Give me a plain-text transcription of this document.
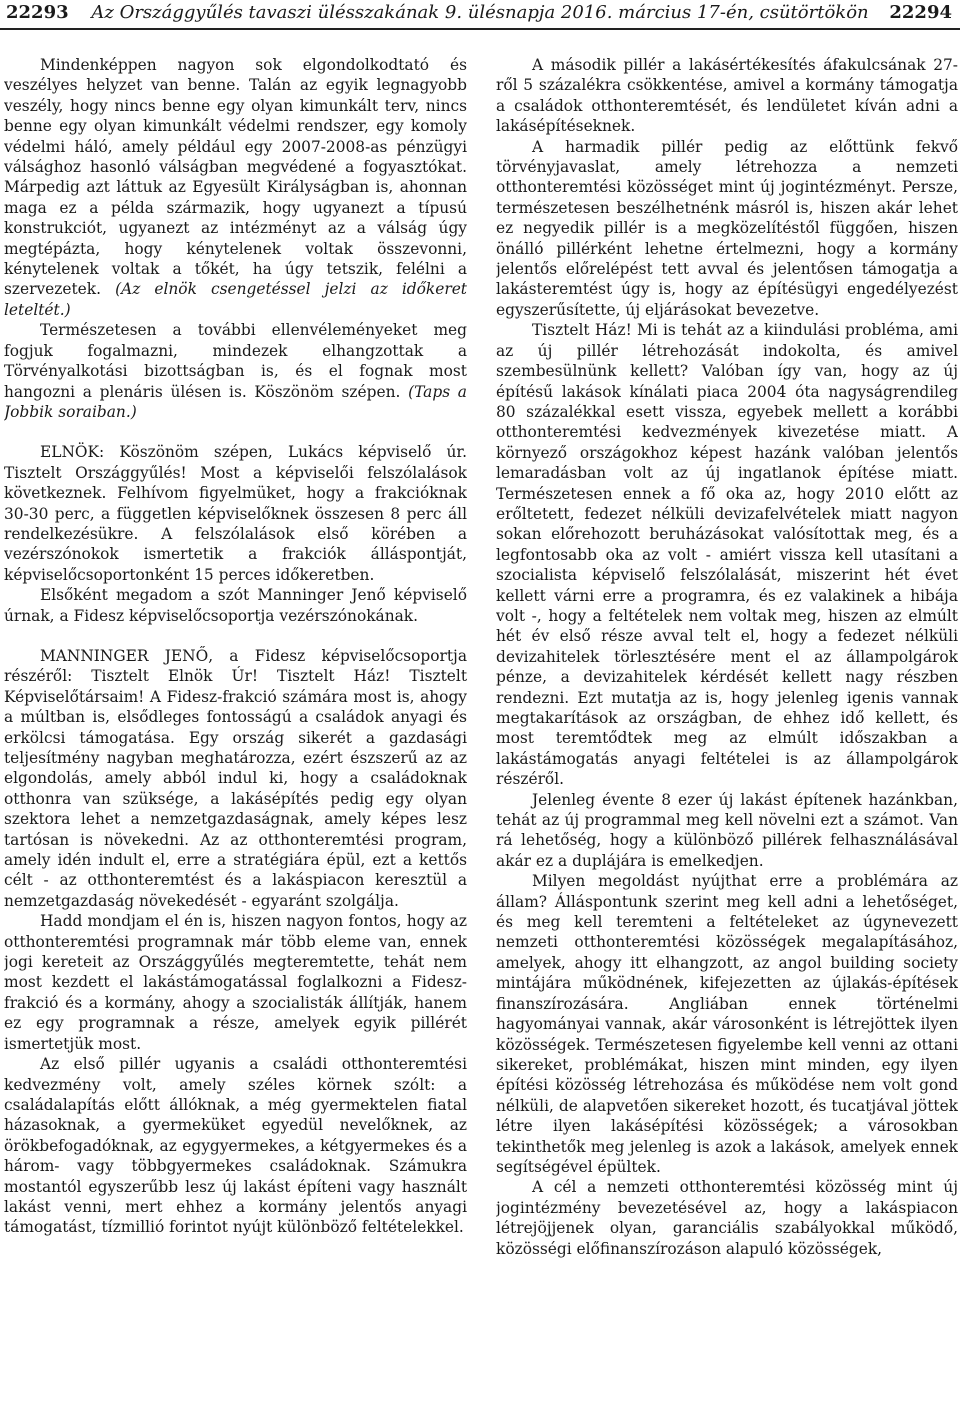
22293	Az Országgyűlés tavaszi ülésszakának 9. ülésnapja 2016. március 17-én, csütörtökön	22294

Mindenképpen nagyon sok elgondolkodtató és veszélyes helyzet van benne. Talán az egyik legnagyobb veszély, hogy nincs benne egy olyan kimunkált terv, nincs benne egy olyan kimunkált védelmi rendszer, egy komoly védelmi háló, amely például egy 2007-2008-as pénzügyi válsághoz hasonló válságban megvédené a fogyasztókat. Márpedig azt láttuk az Egyesült Királyságban is, ahonnan maga ez a példa származik, hogy ugyanezt a típusú konstrukciót, ugyanezt az intézményt az a válság úgy megtépázta, hogy kénytelenek voltak összevonni, kénytelenek voltak a tőkét, ha úgy tetszik, felélni a szervezetek. (Az elnök csengetéssel jelzi az időkeret leteltét.)

Természetesen a további ellenvéleményeket meg fogjuk fogalmazni, mindezek elhangzottak a Törvényalkotási bizottságban is, és el fognak most hangozni a plenáris ülésen is. Köszönöm szépen. (Taps a Jobbik soraiban.)

ELNÖK: Köszönöm szépen, Lukács képviselő úr. Tisztelt Országgyűlés! Most a képviselői felszólalások következnek. Felhívom figyelmüket, hogy a frakcióknak 30-30 perc, a független képviselőknek összesen 8 perc áll rendelkezésükre. A felszólalások első körében a vezérszónokok ismertetik a frakciók álláspontját, képviselőcsoportonként 15 perces időkeretben.

Elsőként megadom a szót Manninger Jenő képviselő úrnak, a Fidesz képviselőcsoportja vezérszónokának.

MANNINGER JENŐ, a Fidesz képviselőcsoportja részéről: Tisztelt Elnök Úr! Tisztelt Ház! Tisztelt Képviselőtársaim! A Fidesz-frakció számára most is, ahogy a múltban is, elsődleges fontosságú a családok anyagi és erkölcsi támogatása. Egy ország sikerét a gazdasági teljesítmény nagyban meghatározza, ezért észszerű az az elgondolás, amely abból indul ki, hogy a családoknak otthonra van szüksége, a lakásépítés pedig egy olyan szektora lehet a nemzetgazdaságnak, amely képes lesz tartósan is növekedni. Az az otthonteremtési program, amely idén indult el, erre a stratégiára épül, ezt a kettős célt - az otthonteremtést és a lakáspiacon keresztül a nemzetgazdaság növekedését - egyaránt szolgálja.

Hadd mondjam el én is, hiszen nagyon fontos, hogy az otthonteremtési programnak már több eleme van, ennek jogi kereteit az Országgyűlés megteremtette, tehát nem most kezdett el lakástámogatással foglalkozni a Fidesz-frakció és a kormány, ahogy a szocialisták állítják, hanem ez egy programnak a része, amelyek egyik pillérét ismertetjük most.

Az első pillér ugyanis a családi otthonteremtési kedvezmény volt, amely széles körnek szólt: a családalapítás előtt állóknak, a még gyermektelen fiatal házasoknak, a gyermeküket egyedül nevelőknek, az örökbefogadóknak, az egygyermekes, a kétgyermekes és a három- vagy többgyermekes családoknak. Számukra mostantól egyszerűbb lesz új lakást építeni vagy használt lakást venni, mert ehhez a kormány jelentős anyagi támogatást, tízmillió forintot nyújt különböző feltételekkel.

A második pillér a lakásértékesítés áfakulcsának 27-ről 5 százalékra csökkentése, amivel a kormány támogatja a családok otthonteremtését, és lendületet kíván adni a lakásépítéseknek.

A harmadik pillér pedig az előttünk fekvő törvényjavaslat, amely létrehozza a nemzeti otthonteremtési közösséget mint új jogintézményt. Persze, természetesen beszélhetnénk másról is, hiszen akár lehet ez negyedik pillér is a megközelítéstől függően, hiszen önálló pillérként lehetne értelmezni, hogy a kormány jelentős előrelépést tett avval és jelentősen támogatja a lakásteremtést úgy is, hogy az építésügyi engedélyezést egyszerűsítette, új eljárásokat bevezetve.

Tisztelt Ház! Mi is tehát az a kiindulási probléma, ami az új pillér létrehozását indokolta, és amivel szembesülnünk kellett? Valóban így van, hogy az új építésű lakások kínálati piaca 2004 óta nagyságrendileg 80 százalékkal esett vissza, egyebek mellett a korábbi otthonteremtési kedvezmények kivezetése miatt. A környező országokhoz képest hazánk valóban jelentős lemaradásban volt az új ingatlanok építése miatt. Természetesen ennek a fő oka az, hogy 2010 előtt az erőltetett, fedezet nélküli devizafelvételek miatt nagyon sokan előrehozott beruházásokat valósítottak meg, és a legfontosabb oka az volt - amiért vissza kell utasítani a szocialista képviselő felszólalását, miszerint hét évet kellett várni erre a programra, és ez valakinek a hibája volt -, hogy a feltételek nem voltak meg, hiszen az elmúlt hét év első része avval telt el, hogy a fedezet nélküli devizahitelek törlesztésére ment el az állampolgárok pénze, a devizahitelek kérdését kellett nagy részben rendezni. Ezt mutatja az is, hogy jelenleg igenis vannak megtakarítások az országban, de ehhez idő kellett, és most teremtődtek meg az elmúlt időszakban a lakástámogatás anyagi feltételei is az állampolgárok részéről.

Jelenleg évente 8 ezer új lakást építenek hazánkban, tehát az új programmal meg kell növelni ezt a számot. Van rá lehetőség, hogy a különböző pillérek felhasználásával akár ez a duplájára is emelkedjen.

Milyen megoldást nyújthat erre a problémára az állam? Álláspontunk szerint meg kell adni a lehetőséget, és meg kell teremteni a feltételeket az úgynevezett nemzeti otthonteremtési közösségek megalapításához, amelyek, ahogy itt elhangzott, az angol building society mintájára működnének, kifejezetten az újlakás-építések finanszírozására. Angliában ennek történelmi hagyományai vannak, akár városonként is létrejöttek ilyen közösségek. Természetesen figyelembe kell venni az ottani sikereket, problémákat, hiszen mint minden, egy ilyen építési közösség létrehozása és működése nem volt gond nélküli, de alapvetően sikereket hozott, és tucatjával jöttek létre ilyen lakásépítési közösségek; a városokban tekinthetők meg jelenleg is azok a lakások, amelyek ennek segítségével épültek.

A cél a nemzeti otthonteremtési közösség mint új jogintézmény bevezetésével az, hogy a lakáspiacon létrejöjjenek olyan, garanciális szabályokkal működő, közösségi előfinanszírozáson alapuló közösségek,
